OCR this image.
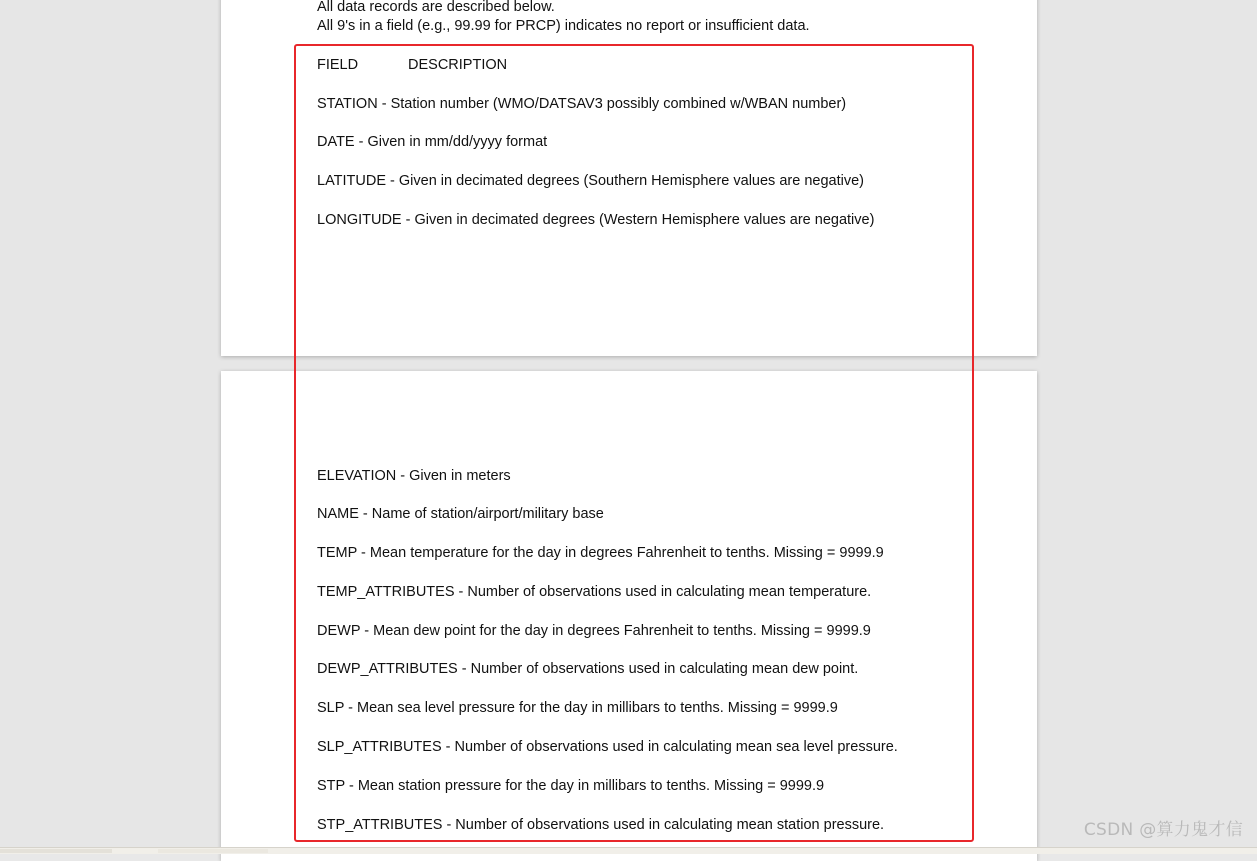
All data records are described below.
All 9's in a field (e.g., 99.99 for PRCP) indicates no report or insufficient data.
FIELD	DESCRIPTION
STATION - Station number (WMO/DATSAV3 possibly combined w/WBAN number)
DATE - Given in mm/dd/yyyy format
LATITUDE - Given in decimated degrees (Southern Hemisphere values are negative)
LONGITUDE - Given in decimated degrees (Western Hemisphere values are negative)
ELEVATION - Given in meters
NAME - Name of station/airport/military base
TEMP - Mean temperature for the day in degrees Fahrenheit to tenths. Missing = 9999.9
TEMP_ATTRIBUTES - Number of observations used in calculating mean temperature.
DEWP - Mean dew point for the day in degrees Fahrenheit to tenths. Missing = 9999.9
DEWP_ATTRIBUTES - Number of observations used in calculating mean dew point.
SLP - Mean sea level pressure for the day in millibars to tenths. Missing = 9999.9
SLP_ATTRIBUTES - Number of observations used in calculating mean sea level pressure.
STP - Mean station pressure for the day in millibars to tenths. Missing = 9999.9
STP_ATTRIBUTES - Number of observations used in calculating mean station pressure.	CSDN @算力鬼才信
